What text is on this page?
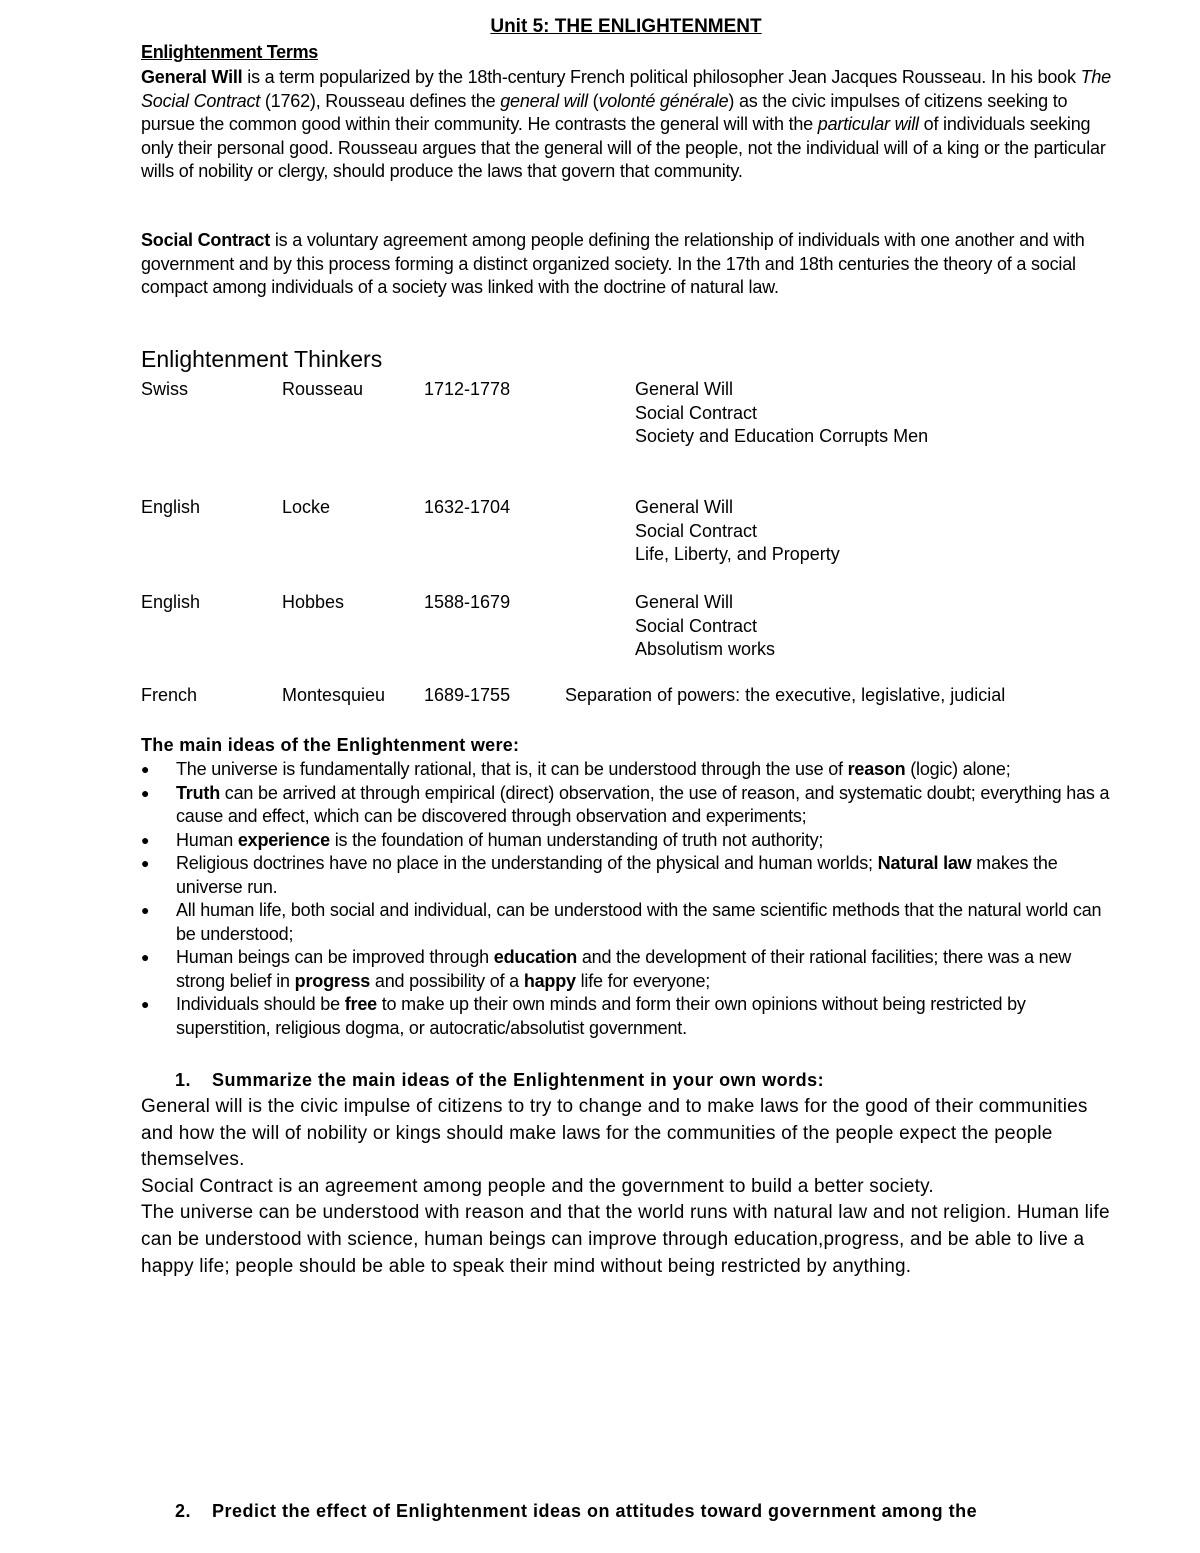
Unit 5: THE ENLIGHTENMENT
Enlightenment Terms

General Will is a term popularized by the 18th-century French political philosopher Jean Jacques Rousseau. In his book The Social Contract (1762), Rousseau defines the general will (volonté générale) as the civic impulses of citizens seeking to pursue the common good within their community. He contrasts the general will with the particular will of individuals seeking only their personal good. Rousseau argues that the general will of the people, not the individual will of a king or the particular wills of nobility or clergy, should produce the laws that govern that community.

Social Contract is a voluntary agreement among people defining the relationship of individuals with one another and with government and by this process forming a distinct organized society. In the 17th and 18th centuries the theory of a social compact among individuals of a society was linked with the doctrine of natural law.

Enlightenment Thinkers
Swiss	Rousseau	1712-1778	General Will
Social Contract
Society and Education Corrupts Men
English	Locke	1632-1704	General Will
Social Contract
Life, Liberty, and Property
English	Hobbes	1588-1679	General Will
Social Contract
Absolutism works
French	Montesquieu 1689-1755	Separation of powers: the executive, legislative, judicial
The main ideas of the Enlightenment were:
● The universe is fundamentally rational, that is, it can be understood through the use of reason (logic) alone;
● Truth can be arrived at through empirical (direct) observation, the use of reason, and systematic doubt; everything has a cause and effect, which can be discovered through observation and experiments;
● Human experience is the foundation of human understanding of truth not authority;
● Religious doctrines have no place in the understanding of the physical and human worlds; Natural law makes the universe run.
● All human life, both social and individual, can be understood with the same scientific methods that the natural world can be understood;
● Human beings can be improved through education and the development of their rational facilities; there was a new strong belief in progress and possibility of a happy life for everyone;
● Individuals should be free to make up their own minds and form their own opinions without being restricted by superstition, religious dogma, or autocratic/absolutist government.

1. Summarize the main ideas of the Enlightenment in your own words:

General will is the civic impulse of citizens to try to change and to make laws for the good of their communities and how the will of nobility or kings should make laws for the communities of the people expect the people themselves.
Social Contract is an agreement among people and the government to build a better society.
The universe can be understood with reason and that the world runs with natural law and not religion. Human life can be understood with science, human beings can improve through education,progress, and be able to live a happy life; people should be able to speak their mind without being restricted by anything.

2. Predict the effect of Enlightenment ideas on attitudes toward government among the
